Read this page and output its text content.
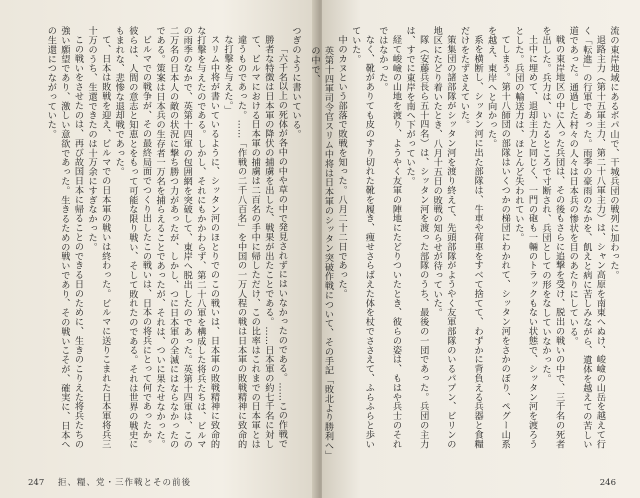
つぎのように書いている。

「六千名以上の死体が各中の中や草の中で発見されずにはいなかったのである。……この作戦で勝者な特徴は日本軍の降伏の捕虜を出した、戦果が出たことである。……日本軍の約七千名に対して、ビルマにおける日本軍の捕虜は二百名の手中に帰しただけ、この比率はこれまでの日本軍とは違うものであった。……「作戦の二千八百名」を中国の一万人程の戦は日本軍の敗戦精神に致命的な打撃を与えた。」

スリム中将が書いているように、シッタン河のほとりでのこの戦いは、日本軍の敗戦精神に致命的な打撃を与えたのである。しかし、それにもかかわらず、第二十八軍を構成した将兵たちは、ビルマの雨季のなかで、英第十四軍の包囲網を突破して、東岸へ脱出したのであった。英第十四軍は、この二万名の日本人の敵の状況に撃ち勝つ力があったが、しかし、つに日本軍の全滅にはならなかったのである。策案は日本兵の生存者一万名を捕らえることであったが、それは、ついに果たせなかった。

ビルマでの戦争が、その最終局面でつくり出したこの戦いは、日本の将兵にとって何であったか。彼らは、人間の意志と知恵とをもって可能な限り戦い、そして敗れたのである。それは世界の戦史にもまれな、悲惨な退却戦であった。

て、日本は敗戦を迎え、ビルマでの日本軍の戦いは終わった。ビルマに送りこまれた日本軍将兵三十万のうち、生還できたのは十万余にすぎなかった。

この戦いをさせたのは、再び故国日本に帰ることのできる日のために、生きのこりえた将兵たちの強い願望であり、激しい意欲であった。生きるための戦いであり、その戦いこそが、確実に、日本への生還につながっていた。

247 拒、糧、党・三作戦とその前後

流の東岸地域にあるボパ山で、干城兵団の戦列に加わった。

退路主力（第十五軍主力、第二十八軍主力）は、シャン高原を南東へぬけ、峻嶮の山岳を越えて行く「転進」の行軍であった。雨季の豪雨のなかを、飢えと病に苦しみながら、遺体を越えての苦しい道であった。通過した村々の人々は日本兵の惨状を目のあたりにしている。

戦の東岸地区の中に入った兵団は、その後もさらに追撃を受け、脱出の戦いの中で、三千名の死者を出した。兵力は、いたるところで寸断され、兵団としての形をなしていなかった。

土中に埋めて、退却主力と同じく、一門の砲も一輛のトラックもない状態で、シッタン河を渡ろうとした。兵団の輸送力は、ほとんど失われていた。

てしまう。第十八師団の部隊はいくつかの梯団にわかれて、シッタン河をさかのぼり、ペグー山系を越え、東岸へと向かった。

系を横断し、シッタン河に出た部隊は、牛車や荷車をすべて捨てて、わずかに背負える兵器と食糧だけをたずさえていた。

策集団の諸部隊がシッタン河を渡り終えて、先頭部隊がようやく友軍部隊のいるパプン、ビリンの地区にたどり着いたとき、八月十五日の敗戦の知らせが待っていた。

隊（安藤兵長ら五十四名）は、シッタン河を渡った部隊のうち、最後の一団であった。兵団の主力は、すでに東岸を南へ下がっていた。

経て峻嶮の山地を渡り、ようやく友軍の陣地にたどりついたとき、彼らの姿は、もはや兵士のそれではなかった。

なく、靴がありても皮のすり切れた靴を履き、痩せさらばえた体を杖でささえて、ふらふらと歩いていた。

中のカヌという部落で敗戦を知った。八月二十二日であった。

英第十四軍司令官スリム中将は日本軍のシッタン突破作戦について、その手記「敗北より勝利へ」の中で、

246
